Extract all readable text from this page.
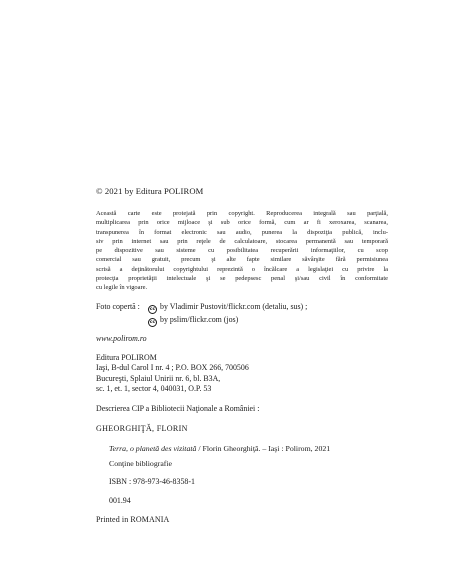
© 2021 by Editura POLIROM
Această carte este protejată prin copyright. Reproducerea integrală sau parţială,
multiplicarea prin orice mijloace şi sub orice formă, cum ar fi xeroxarea, scanarea,
transpunerea în format electronic sau audio, punerea la dispoziţia publică, inclu-
siv prin internet sau prin reţele de calculatoare, stocarea permanentă sau temporară
pe dispozitive sau sisteme cu posibilitatea recuperării informaţiilor, cu scop
comercial sau gratuit, precum şi alte fapte similare săvârşite fără permisiunea
scrisă a deţinătorului copyrightului reprezintă o încălcare a legislaţiei cu privire la
protecţia proprietăţii intelectuale şi se pedepsesc penal şi/sau civil în conformitate
cu legile în vigoare.
Foto copertă :	cc by Vladimir Pustovit/flickr.com (detaliu, sus) ;
cc by pslim/flickr.com (jos)
www.polirom.ro
Editura POLIROM
Iaşi, B-dul Carol I nr. 4 ; P.O. BOX 266, 700506
Bucureşti, Splaiul Unirii nr. 6, bl. B3A,
sc. 1, et. 1, sector 4, 040031, O.P. 53
Descrierea CIP a Bibliotecii Naţionale a României :
GHEORGHIŢĂ, FLORIN
Terra, o planetă des vizitată / Florin Gheorghiţă. – Iaşi : Polirom, 2021
Conţine bibliografie
ISBN : 978-973-46-8358-1
001.94
Printed in ROMANIA
